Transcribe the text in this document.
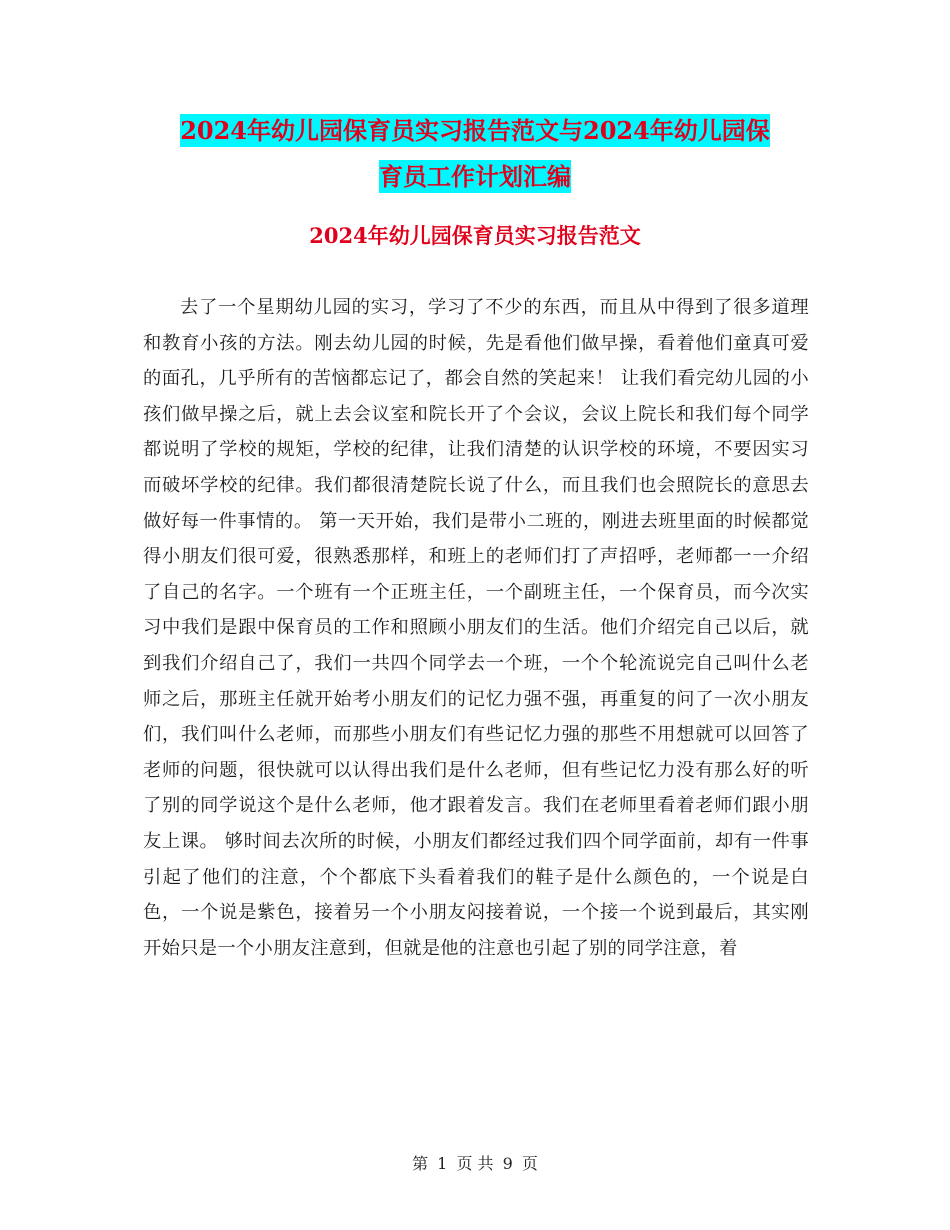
2024年幼儿园保育员实习报告范文与2024年幼儿园保
育员工作计划汇编
2024年幼儿园保育员实习报告范文

去了一个星期幼儿园的实习，学习了不少的东西，而且从中得到了很多道理和教育小孩的方法。刚去幼儿园的时候，先是看他们做早操，看着他们童真可爱的面孔，几乎所有的苦恼都忘记了，都会自然的笑起来！ 让我们看完幼儿园的小孩们做早操之后，就上去会议室和院长开了个会议，会议上院长和我们每个同学都说明了学校的规矩，学校的纪律，让我们清楚的认识学校的环境，不要因实习而破坏学校的纪律。我们都很清楚院长说了什么，而且我们也会照院长的意思去做好每一件事情的。 第一天开始，我们是带小二班的，刚进去班里面的时候都觉得小朋友们很可爱，很熟悉那样，和班上的老师们打了声招呼，老师都一一介绍了自己的名字。一个班有一个正班主任，一个副班主任，一个保育员，而今次实习中我们是跟中保育员的工作和照顾小朋友们的生活。他们介绍完自己以后，就到我们介绍自己了，我们一共四个同学去一个班，一个个轮流说完自己叫什么老师之后，那班主任就开始考小朋友们的记忆力强不强，再重复的问了一次小朋友们，我们叫什么老师，而那些小朋友们有些记忆力强的那些不用想就可以回答了老师的问题，很快就可以认得出我们是什么老师，但有些记忆力没有那么好的听了别的同学说这个是什么老师，他才跟着发言。我们在老师里看着老师们跟小朋友上课。 够时间去次所的时候，小朋友们都经过我们四个同学面前，却有一件事引起了他们的注意，个个都底下头看着我们的鞋子是什么颜色的，一个说是白色，一个说是紫色，接着另一个小朋友闷接着说，一个接一个说到最后，其实刚开始只是一个小朋友注意到，但就是他的注意也引起了别的同学注意，着

第 1 页 共 9 页
